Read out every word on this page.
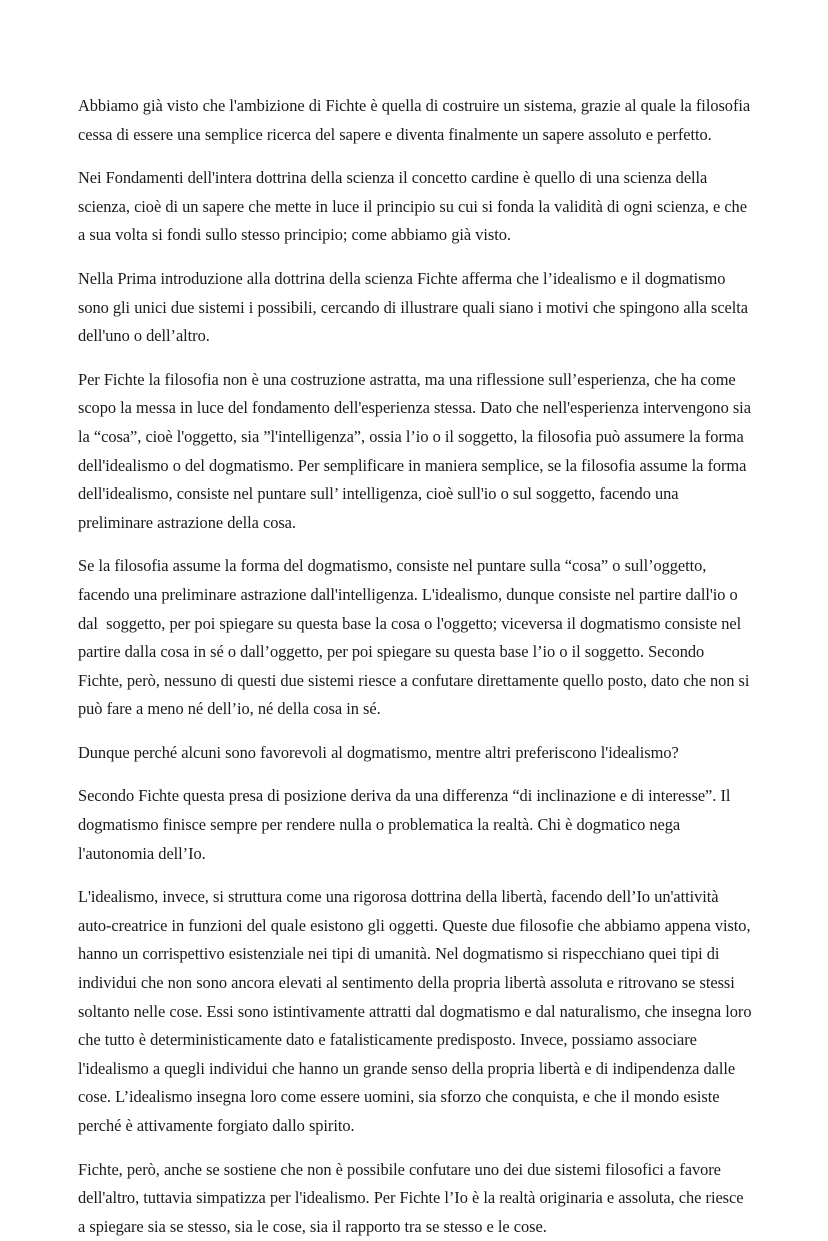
Abbiamo già visto che l'ambizione di Fichte è quella di costruire un sistema, grazie al quale la filosofia cessa di essere una semplice ricerca del sapere e diventa finalmente un sapere assoluto e perfetto.

Nei Fondamenti dell'intera dottrina della scienza il concetto cardine è quello di una scienza della scienza, cioè di un sapere che mette in luce il principio su cui si fonda la validità di ogni scienza, e che a sua volta si fondi sullo stesso principio; come abbiamo già visto.

Nella Prima introduzione alla dottrina della scienza Fichte afferma che l’idealismo e il dogmatismo sono gli unici due sistemi i possibili, cercando di illustrare quali siano i motivi che spingono alla scelta dell'uno o dell’altro.

Per Fichte la filosofia non è una costruzione astratta, ma una riflessione sull’esperienza, che ha come scopo la messa in luce del fondamento dell'esperienza stessa. Dato che nell'esperienza intervengono sia la “cosa”, cioè l'oggetto, sia ”l'intelligenza”, ossia l’io o il soggetto, la filosofia può assumere la forma dell'idealismo o del dogmatismo. Per semplificare in maniera semplice, se la filosofia assume la forma dell'idealismo, consiste nel puntare sull’ intelligenza, cioè sull'io o sul soggetto, facendo una preliminare astrazione della cosa.

Se la filosofia assume la forma del dogmatismo, consiste nel puntare sulla “cosa” o sull’oggetto, facendo una preliminare astrazione dall'intelligenza. L'idealismo, dunque consiste nel partire dall'io o dal  soggetto, per poi spiegare su questa base la cosa o l'oggetto; viceversa il dogmatismo consiste nel partire dalla cosa in sé o dall’oggetto, per poi spiegare su questa base l’io o il soggetto. Secondo Fichte, però, nessuno di questi due sistemi riesce a confutare direttamente quello posto, dato che non si può fare a meno né dell’io, né della cosa in sé.

Dunque perché alcuni sono favorevoli al dogmatismo, mentre altri preferiscono l'idealismo?

Secondo Fichte questa presa di posizione deriva da una differenza “di inclinazione e di interesse”. Il dogmatismo finisce sempre per rendere nulla o problematica la realtà. Chi è dogmatico nega l'autonomia dell’Io.

L'idealismo, invece, si struttura come una rigorosa dottrina della libertà, facendo dell’Io un'attività auto-creatrice in funzioni del quale esistono gli oggetti. Queste due filosofie che abbiamo appena visto, hanno un corrispettivo esistenziale nei tipi di umanità. Nel dogmatismo si rispecchiano quei tipi di individui che non sono ancora elevati al sentimento della propria libertà assoluta e ritrovano se stessi soltanto nelle cose. Essi sono istintivamente attratti dal dogmatismo e dal naturalismo, che insegna loro che tutto è deterministicamente dato e fatalisticamente predisposto. Invece, possiamo associare l'idealismo a quegli individui che hanno un grande senso della propria libertà e di indipendenza dalle cose. L’idealismo insegna loro come essere uomini, sia sforzo che conquista, e che il mondo esiste perché è attivamente forgiato dallo spirito.

Fichte, però, anche se sostiene che non è possibile confutare uno dei due sistemi filosofici a favore dell'altro, tuttavia simpatizza per l'idealismo. Per Fichte l’Io è la realtà originaria e assoluta, che riesce a spiegare sia se stesso, sia le cose, sia il rapporto tra se stesso e le cose.
